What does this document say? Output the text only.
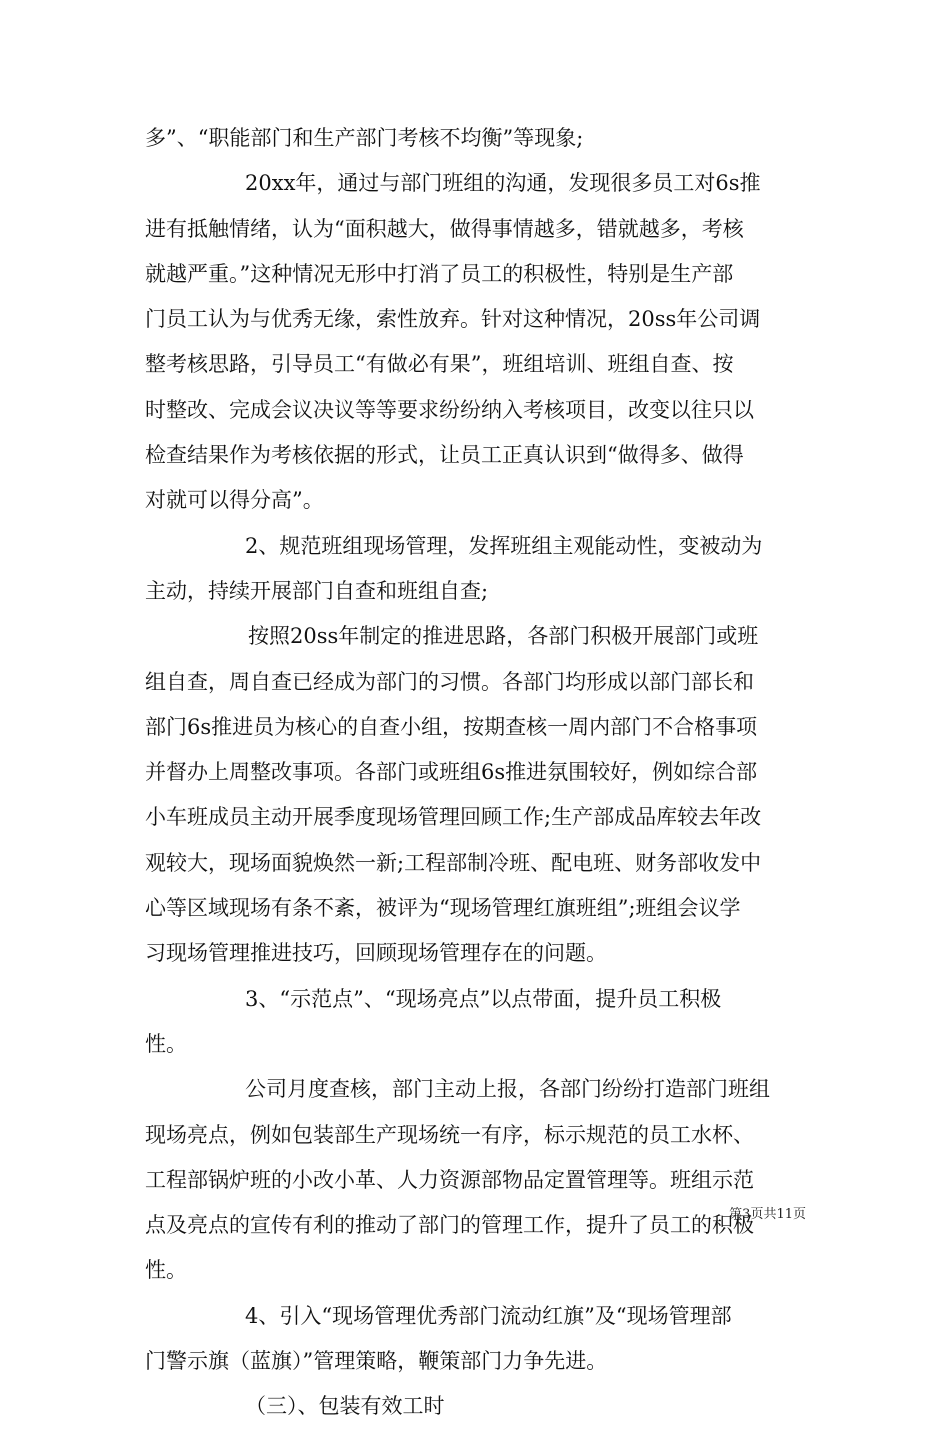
多”、“职能部门和生产部门考核不均衡”等现象;
20xx年，通过与部门班组的沟通，发现很多员工对6s推
进有抵触情绪，认为“面积越大，做得事情越多，错就越多，考核
就越严重。”这种情况无形中打消了员工的积极性，特别是生产部
门员工认为与优秀无缘，索性放弃。针对这种情况，20ss年公司调
整考核思路，引导员工“有做必有果”，班组培训、班组自查、按
时整改、完成会议决议等等要求纷纷纳入考核项目，改变以往只以
检查结果作为考核依据的形式，让员工正真认识到“做得多、做得
对就可以得分高”。
2、规范班组现场管理，发挥班组主观能动性，变被动为
主动，持续开展部门自查和班组自查;
按照20ss年制定的推进思路，各部门积极开展部门或班
组自查，周自查已经成为部门的习惯。各部门均形成以部门部长和
部门6s推进员为核心的自查小组，按期查核一周内部门不合格事项
并督办上周整改事项。各部门或班组6s推进氛围较好，例如综合部
小车班成员主动开展季度现场管理回顾工作;生产部成品库较去年改
观较大，现场面貌焕然一新;工程部制冷班、配电班、财务部收发中
心等区域现场有条不紊，被评为“现场管理红旗班组”;班组会议学
习现场管理推进技巧，回顾现场管理存在的问题。
3、“示范点”、“现场亮点”以点带面，提升员工积极
性。
公司月度查核，部门主动上报，各部门纷纷打造部门班组
现场亮点，例如包装部生产现场统一有序，标示规范的员工水杯、
工程部锅炉班的小改小革、人力资源部物品定置管理等。班组示范
点及亮点的宣传有利的推动了部门的管理工作，提升了员工的积极
性。
4、引入“现场管理优秀部门流动红旗”及“现场管理部
门警示旗（蓝旗）”管理策略，鞭策部门力争先进。
（三）、包装有效工时
第3页共11页
